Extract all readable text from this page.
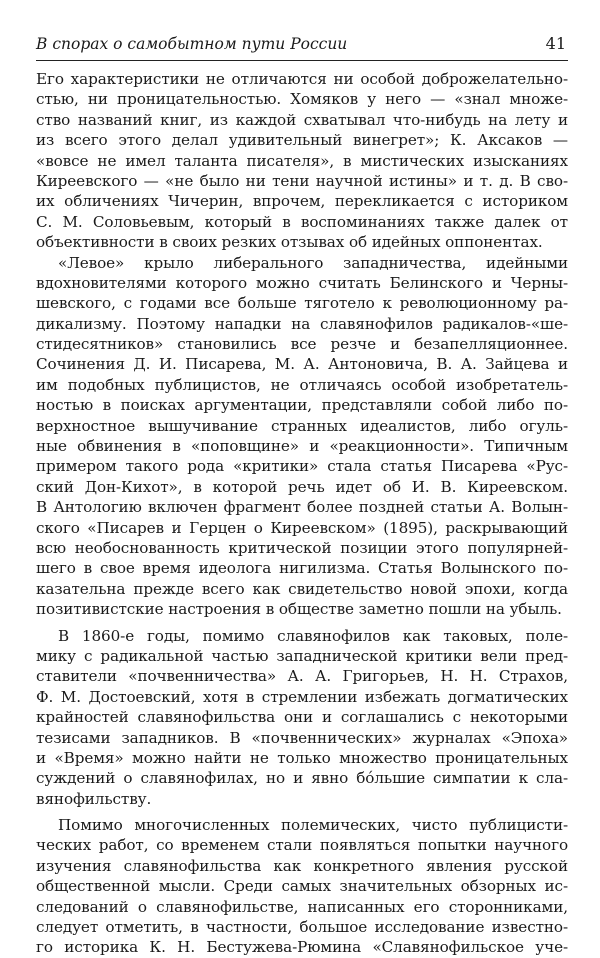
В спорах о самобытном пути России	41
Его характеристики не отличаются ни особой доброжелательно-
стью, ни проницательностью. Хомяков у него — «знал множе-
ство названий книг, из каждой схватывал что-нибудь на лету и
из всего этого делал удивительный винегрет»; К. Аксаков —
«вовсе не имел таланта писателя», в мистических изысканиях
Киреевского — «не было ни тени научной истины» и т. д. В сво-
их обличениях Чичерин, впрочем, перекликается с историком
С. М. Соловьевым, который в воспоминаниях также далек от
объективности в своих резких отзывах об идейных оппонентах.
«Левое» крыло либерального западничества, идейными
вдохновителями которого можно считать Белинского и Черны-
шевского, с годами все больше тяготело к революционному ра-
дикализму. Поэтому нападки на славянофилов радикалов-«ше-
стидесятников» становились все резче и безапелляционнее.
Сочинения Д. И. Писарева, М. А. Антоновича, В. А. Зайцева и
им подобных публицистов, не отличаясь особой изобретатель-
ностью в поисках аргументации, представляли собой либо по-
верхностное вышучивание странных идеалистов, либо огуль-
ные обвинения в «поповщине» и «реакционности». Типичным
примером такого рода «критики» стала статья Писарева «Рус-
ский Дон-Кихот», в которой речь идет об И. В. Киреевском.
В Антологию включен фрагмент более поздней статьи А. Волын-
ского «Писарев и Герцен о Киреевском» (1895), раскрывающий
всю необоснованность критической позиции этого популярней-
шего в свое время идеолога нигилизма. Статья Волынского по-
казательна прежде всего как свидетельство новой эпохи, когда
позитивистские настроения в обществе заметно пошли на убыль.
В 1860-е годы, помимо славянофилов как таковых, поле-
мику с радикальной частью западнической критики вели пред-
ставители «почвенничества» А. А. Григорьев, Н. Н. Страхов,
Ф. М. Достоевский, хотя в стремлении избежать догматических
крайностей славянофильства они и соглашались с некоторыми
тезисами западников. В «почвеннических» журналах «Эпоха»
и «Время» можно найти не только множество проницательных
суждений о славянофилах, но и явно бо́льшие симпатии к сла-
вянофильству.
Помимо многочисленных полемических, чисто публицисти-
ческих работ, со временем стали появляться попытки научного
изучения славянофильства как конкретного явления русской
общественной мысли. Среди самых значительных обзорных ис-
следований о славянофильстве, написанных его сторонниками,
следует отметить, в частности, большое исследование известно-
го историка К. Н. Бестужева-Рюмина «Славянофильское уче-
